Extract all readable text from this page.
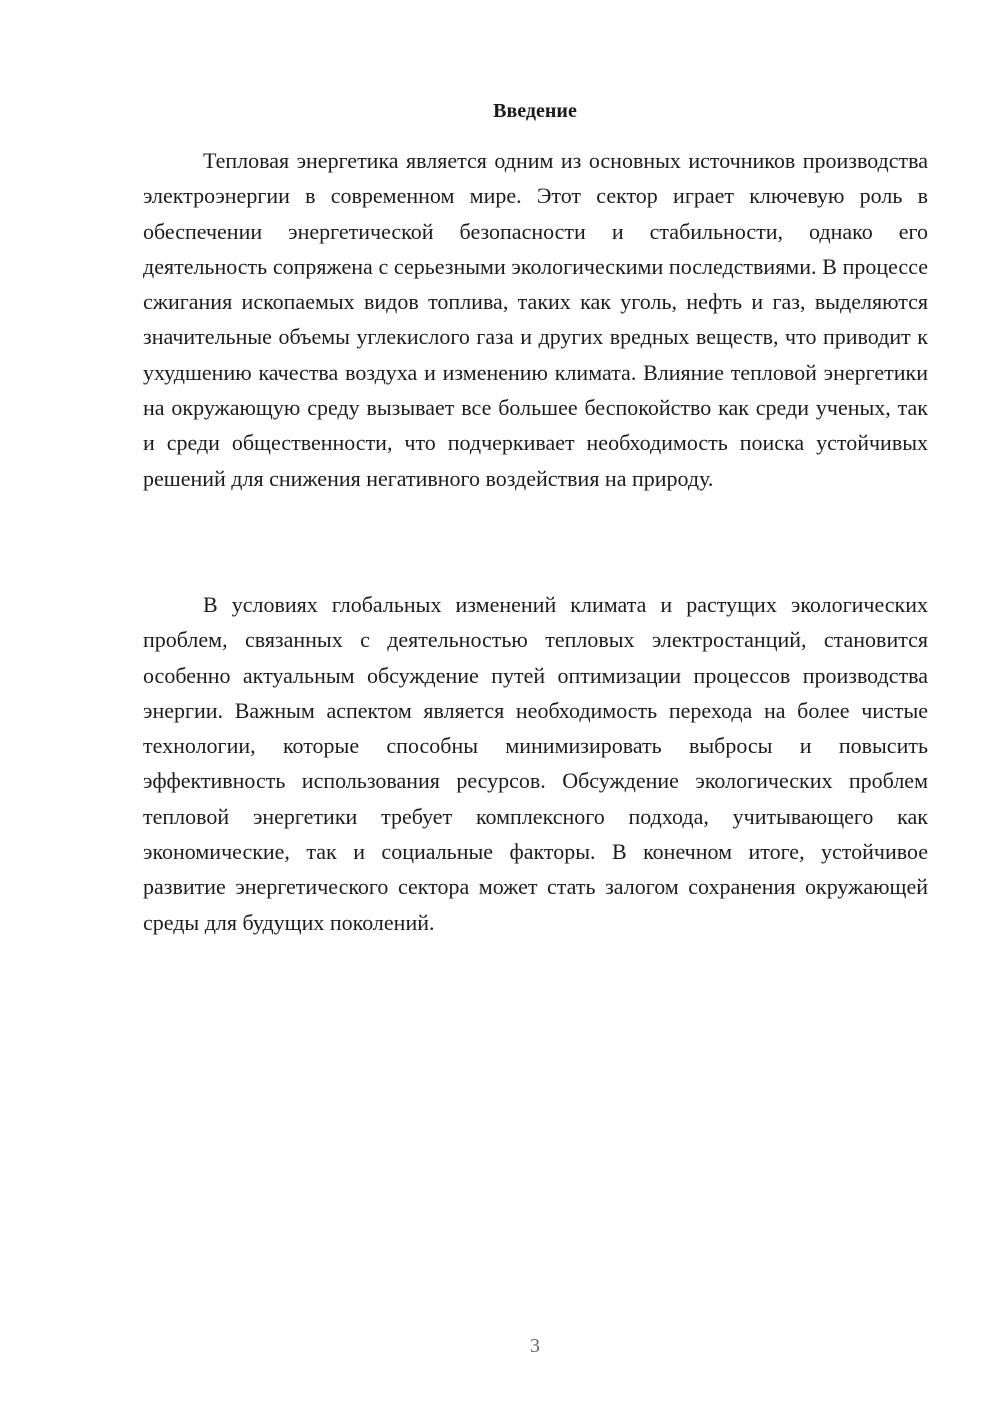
Введение

Тепловая энергетика является одним из основных источников производства электроэнергии в современном мире. Этот сектор играет ключевую роль в обеспечении энергетической безопасности и стабильности, однако его деятельность сопряжена с серьезными экологическими последствиями. В процессе сжигания ископаемых видов топлива, таких как уголь, нефть и газ, выделяются значительные объемы углекислого газа и других вредных веществ, что приводит к ухудшению качества воздуха и изменению климата. Влияние тепловой энергетики на окружающую среду вызывает все большее беспокойство как среди ученых, так и среди общественности, что подчеркивает необходимость поиска устойчивых решений для снижения негативного воздействия на природу.

В условиях глобальных изменений климата и растущих экологических проблем, связанных с деятельностью тепловых электростанций, становится особенно актуальным обсуждение путей оптимизации процессов производства энергии. Важным аспектом является необходимость перехода на более чистые технологии, которые способны минимизировать выбросы и повысить эффективность использования ресурсов. Обсуждение экологических проблем тепловой энергетики требует комплексного подхода, учитывающего как экономические, так и социальные факторы. В конечном итоге, устойчивое развитие энергетического сектора может стать залогом сохранения окружающей среды для будущих поколений.

3
